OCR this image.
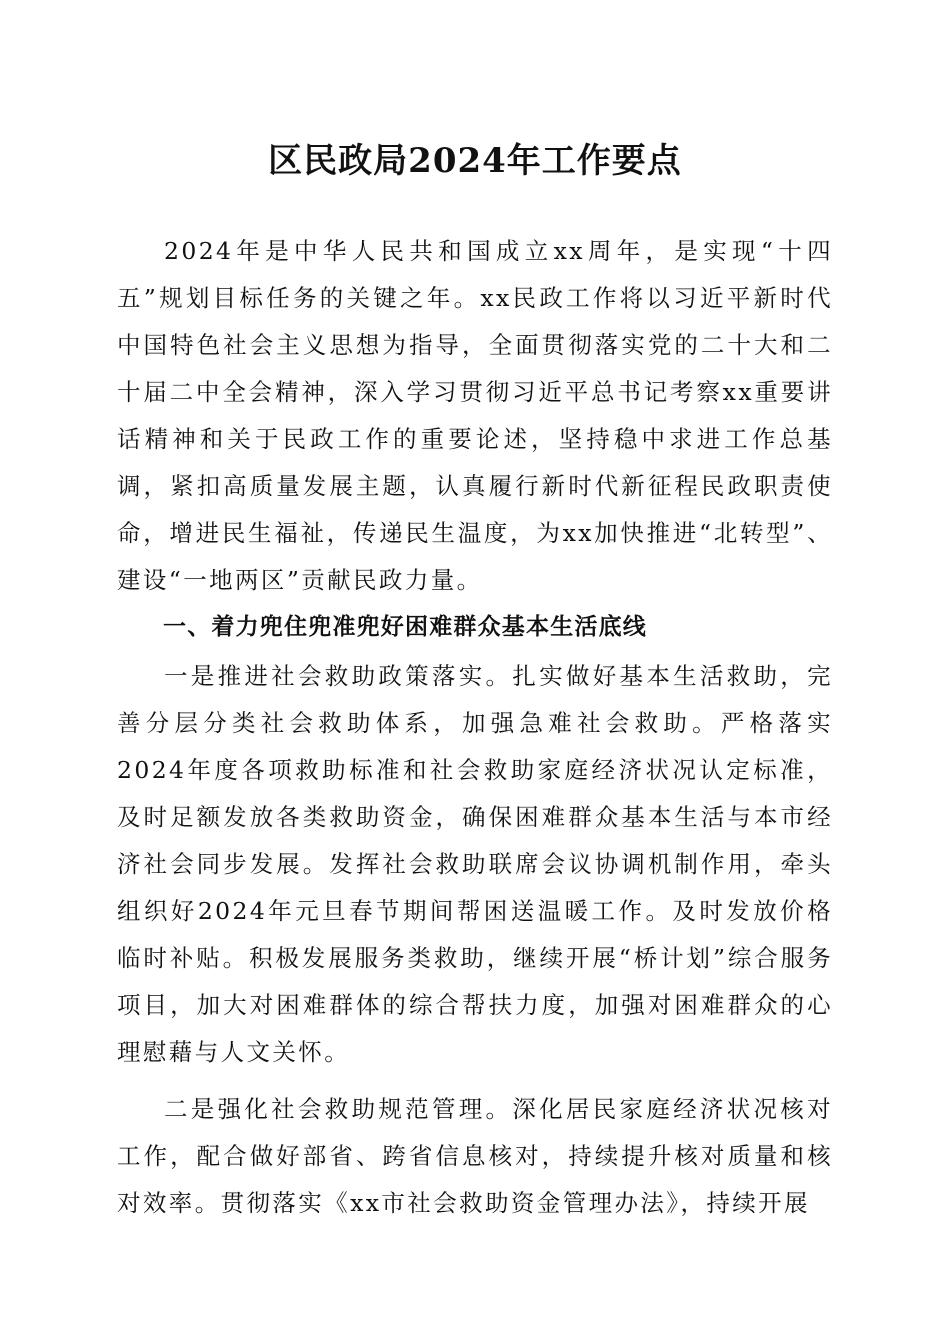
区民政局2024年工作要点

2024年是中华人民共和国成立xx周年，是实现“十四五”规划目标任务的关键之年。xx民政工作将以习近平新时代中国特色社会主义思想为指导，全面贯彻落实党的二十大和二十届二中全会精神，深入学习贯彻习近平总书记考察xx重要讲话精神和关于民政工作的重要论述，坚持稳中求进工作总基调，紧扣高质量发展主题，认真履行新时代新征程民政职责使命，增进民生福祉，传递民生温度，为xx加快推进“北转型”、建设“一地两区”贡献民政力量。

一、着力兜住兜准兜好困难群众基本生活底线

一是推进社会救助政策落实。扎实做好基本生活救助，完善分层分类社会救助体系，加强急难社会救助。严格落实2024年度各项救助标准和社会救助家庭经济状况认定标准，及时足额发放各类救助资金，确保困难群众基本生活与本市经济社会同步发展。发挥社会救助联席会议协调机制作用，牵头组织好2024年元旦春节期间帮困送温暖工作。及时发放价格临时补贴。积极发展服务类救助，继续开展“桥计划”综合服务项目，加大对困难群体的综合帮扶力度，加强对困难群众的心理慰藉与人文关怀。

二是强化社会救助规范管理。深化居民家庭经济状况核对工作，配合做好部省、跨省信息核对，持续提升核对质量和核对效率。贯彻落实《xx市社会救助资金管理办法》，持续开展
